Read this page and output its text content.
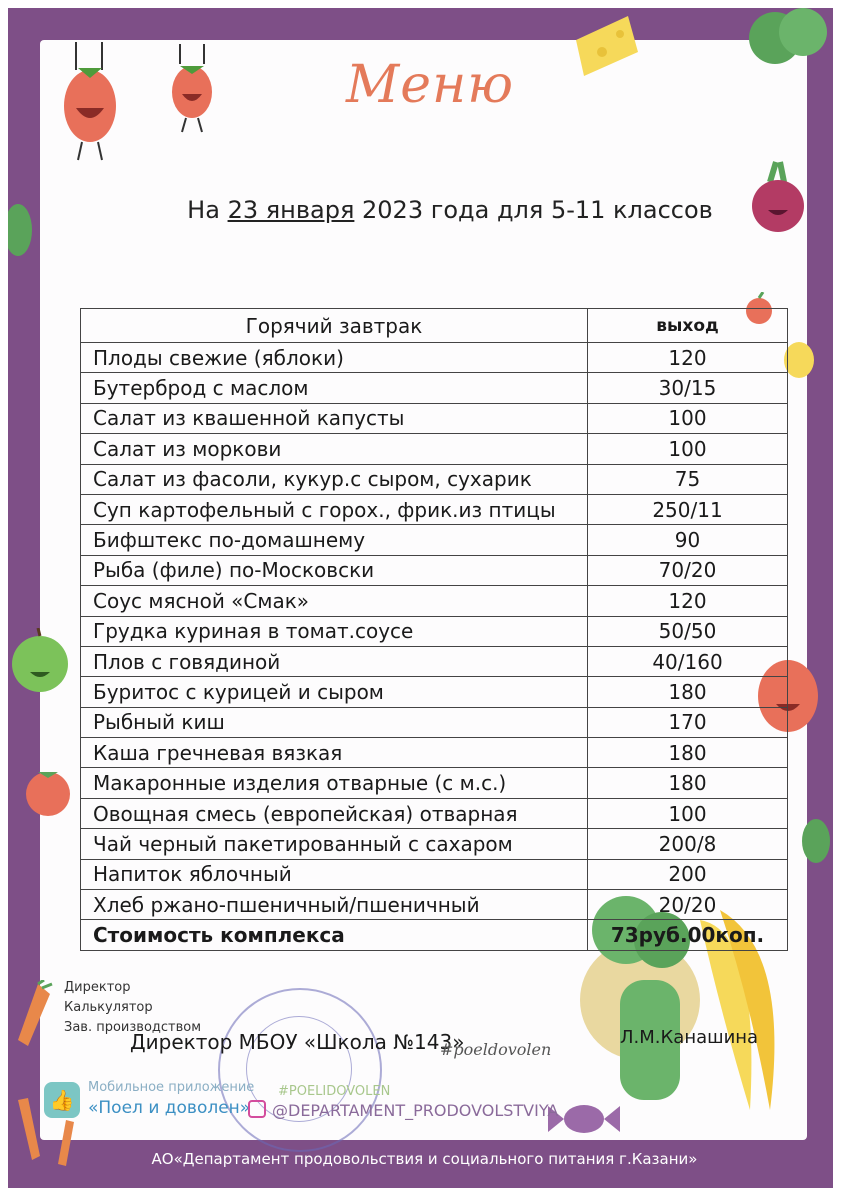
Меню
На 23 января 2023 года для 5-11 классов
Горячий завтрак	выход
Плоды свежие (яблоки)	120
Бутерброд с маслом	30/15
Салат из квашенной капусты	100
Салат из моркови	100
Салат из фасоли, кукур.с сыром, сухарик	75
Суп картофельный с горох., фрик.из птицы	250/11
Бифштекс по-домашнему	90
Рыба (филе) по-Московски	70/20
Соус мясной «Смак»	120
Грудка куриная в томат.соусе	50/50
Плов с говядиной	40/160
Буритос с курицей и сыром	180
Рыбный киш	170
Каша гречневая вязкая	180
Макаронные изделия отварные (с м.с.)	180
Овощная смесь (европейская) отварная	100
Чай черный пакетированный с сахаром	200/8
Напиток яблочный	200
Хлеб ржано-пшеничный/пшеничный	20/20
Стоимость комплекса	73руб.00коп.
Директор
Калькулятор
Зав. производством
Директор МБОУ «Школа №143»
#poeldovolen
Л.М.Канашина
👍
Мобильное приложение
«Поел и доволен»
#POELIDOVOLEN
@DEPARTAMENT_PRODOVOLSTVIYA
АО«Департамент продовольствия и социального питания г.Казани»
